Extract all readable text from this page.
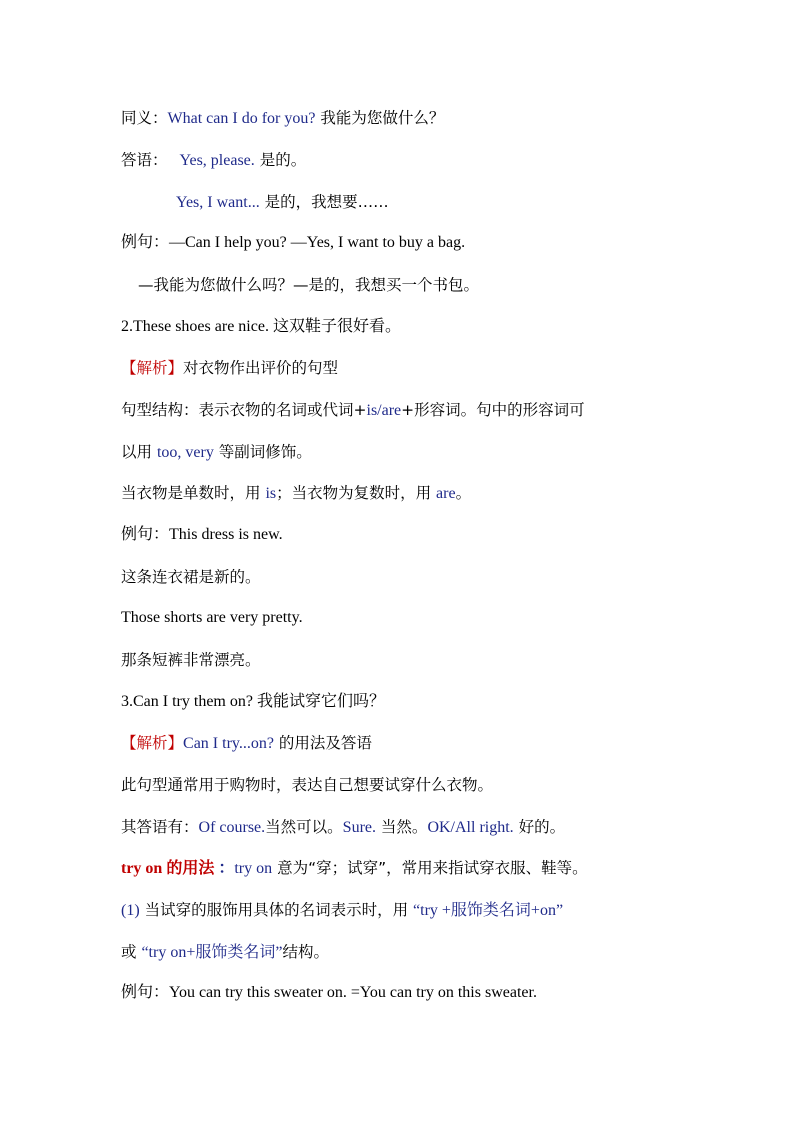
同义：What can I do for you? 我能为您做什么？
答语： Yes, please. 是的。
Yes, I want... 是的，我想要……
例句：—Can I help you? —Yes, I want to buy a bag.
—我能为您做什么吗？—是的，我想买一个书包。
2.These shoes are nice. 这双鞋子很好看。
【解析】对衣物作出评价的句型
句型结构：表示衣物的名词或代词+is/are+形容词。句中的形容词可
以用 too, very 等副词修饰。
当衣物是单数时，用 is；当衣物为复数时，用 are。
例句：This dress is new.
这条连衣裙是新的。
Those shorts are very pretty.
那条短裤非常漂亮。
3.Can I try them on? 我能试穿它们吗？
【解析】Can I try...on? 的用法及答语
此句型通常用于购物时，表达自己想要试穿什么衣物。
其答语有：Of course.当然可以。Sure. 当然。OK/All right. 好的。
try on 的用法 ：try on 意为“穿；试穿”，常用来指试穿衣服、鞋等。
(1) 当试穿的服饰用具体的名词表示时，用 “try +服饰类名词+on”
或 “try on+服饰类名词”结构。
例句：You can try this sweater on. =You can try on this sweater.
